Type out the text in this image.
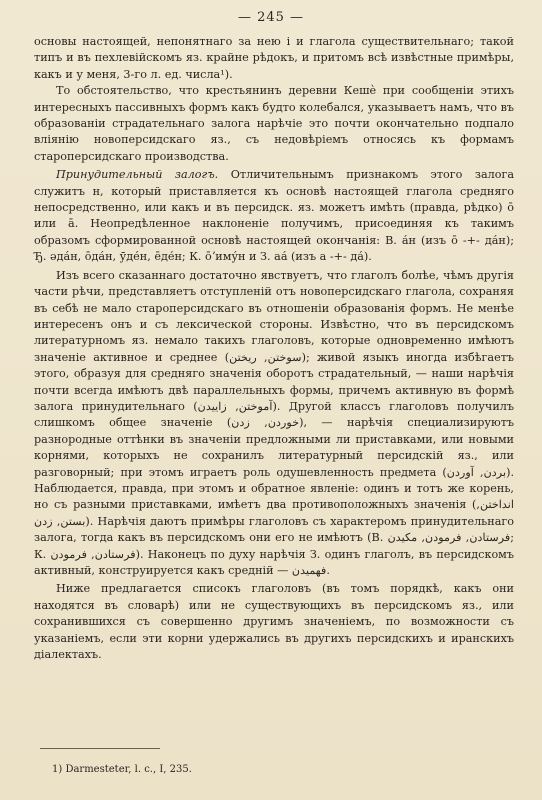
— 245 —

основы настоящей, непонятнаго за нею і и глагола существительнаго; такой типъ и въ пехлевійскомъ яз. крайне рѣдокъ, и притомъ всѣ извѣстные примѣры, какъ и у меня, 3-го л. ед. числа¹).

То обстоятельство, что крестьянинъ деревни Кешѐ при сообщеніи этихъ интересныхъ пассивныхъ формъ какъ будто колебался, указываетъ намъ, что въ образованіи страдательнаго залога нарѣчіе это почти окончательно подпало вліянію новоперсидскаго яз., съ недовѣріемъ относясь къ формамъ староперсидскаго производства.

Принудительный залогъ. Отличительнымъ признакомъ этого залога служитъ н, который приставляется къ основѣ настоящей глагола средняго непосредственно, или какъ и въ персидск. яз. можетъ имѣть (правда, рѣдко) ō или ā. Неопредѣленное наклоненіе получимъ, присоединяя къ такимъ образомъ сформированной основѣ настоящей окончанія: В. а́н (изъ ō -+- да́н); Ђ. ǝда́н, ōда́н, ӯде́н, ēде́н; К. ōʼиму́н и З. аа́ (изъ а -+- да́).

Изъ всего сказаннаго достаточно явствуетъ, что глаголъ болѣе, чѣмъ другія части рѣчи, представляетъ отступленій отъ новоперсидскаго глагола, сохраняя въ себѣ не мало староперсидскаго въ отношеніи образованія формъ. Не менѣе интересенъ онъ и съ лексической стороны. Извѣстно, что въ персидскомъ литературномъ яз. немало такихъ глаголовъ, которые одновременно имѣютъ значеніе активное и среднее (سوختن, ريختن); живой языкъ иногда избѣгаетъ этого, образуя для средняго значенія оборотъ страдательный, — наши нарѣчія почти всегда имѣютъ двѣ параллельныхъ формы, причемъ активную въ формѣ залога принудительнаго (آموختن, زاييدن). Другой классъ глаголовъ получилъ слишкомъ общее значеніе (خوردن, زدن), — нарѣчія специализируютъ разнородные оттѣнки въ значеніи предложными ли приставками, или новыми корнями, которыхъ не сохранилъ литературный персидскій яз., или разговорный; при этомъ играетъ роль одушевленность предмета (بردن, آوردن). Наблюдается, правда, при этомъ и обратное явленіе: одинъ и тотъ же корень, но съ разными приставками, имѣетъ два противоположныхъ значенія (انداختن, بستن, زدن). Нарѣчія даютъ примѣры глаголовъ съ характеромъ принудительнаго залога, тогда какъ въ персидскомъ они его не имѣютъ (В. فرستادن, فرمودن, مكيدن; К. فرستادن, فرمودن). Наконецъ по духу нарѣчія З. одинъ глаголъ, въ персидскомъ активный, конструируется какъ средній — فهميدن.

Ниже предлагается списокъ глаголовъ (въ томъ порядкѣ, какъ они находятся въ словарѣ) или не существующихъ въ персидскомъ яз., или сохранившихся съ совершенно другимъ значеніемъ, по возможности съ указаніемъ, если эти корни удержались въ другихъ персидскихъ и иранскихъ діалектахъ.

1) Darmesteter, l. c., I, 235.
